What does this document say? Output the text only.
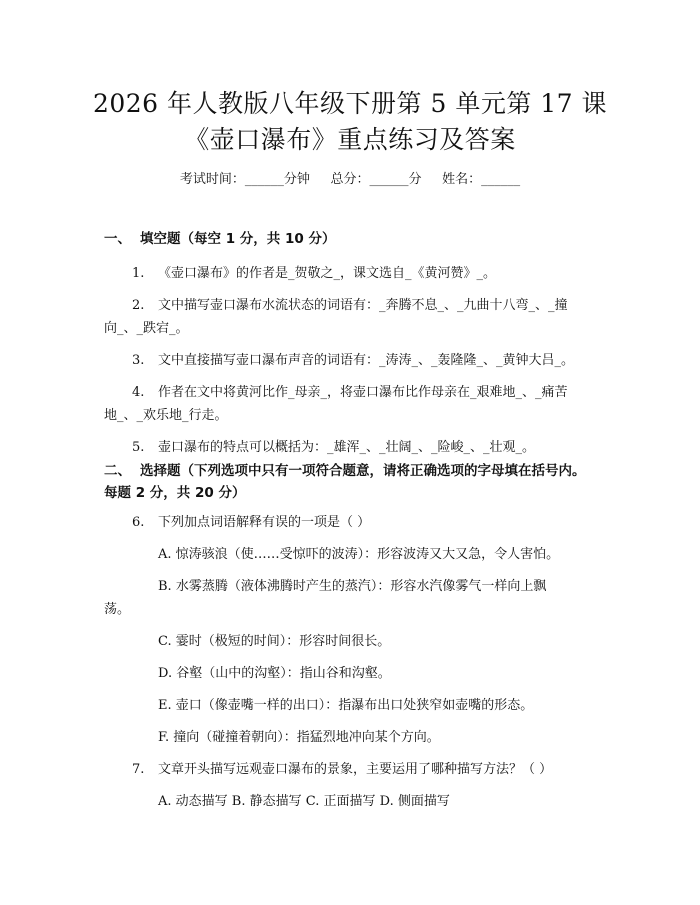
2026 年人教版八年级下册第 5 单元第 17 课
《壶口瀑布》重点练习及答案
考试时间：______分钟     总分：______分     姓名：______
一、 填空题（每空 1 分，共 10 分）
1. 《壶口瀑布》的作者是_贺敬之_，课文选自_《黄河赞》_。
2. 文中描写壶口瀑布水流状态的词语有：_奔腾不息_、_九曲十八弯_、_撞
向_、_跌宕_。
3. 文中直接描写壶口瀑布声音的词语有：_涛涛_、_轰隆隆_、_黄钟大吕_。
4. 作者在文中将黄河比作_母亲_，将壶口瀑布比作母亲在_艰难地_、_痛苦
地_、_欢乐地_行走。
5. 壶口瀑布的特点可以概括为：_雄浑_、_壮阔_、_险峻_、_壮观_。
二、 选择题（下列选项中只有一项符合题意，请将正确选项的字母填在括号内。
每题 2 分，共 20 分）
6. 下列加点词语解释有误的一项是（ ）
A. 惊涛骇浪（使……受惊吓的波涛）：形容波涛又大又急，令人害怕。
B. 水雾蒸腾（液体沸腾时产生的蒸汽）：形容水汽像雾气一样向上飘
荡。
C. 霎时（极短的时间）：形容时间很长。
D. 谷壑（山中的沟壑）：指山谷和沟壑。
E. 壶口（像壶嘴一样的出口）：指瀑布出口处狭窄如壶嘴的形态。
F. 撞向（碰撞着朝向）：指猛烈地冲向某个方向。
7. 文章开头描写远观壶口瀑布的景象，主要运用了哪种描写方法？（ ）
A. 动态描写 B. 静态描写 C. 正面描写 D. 侧面描写
